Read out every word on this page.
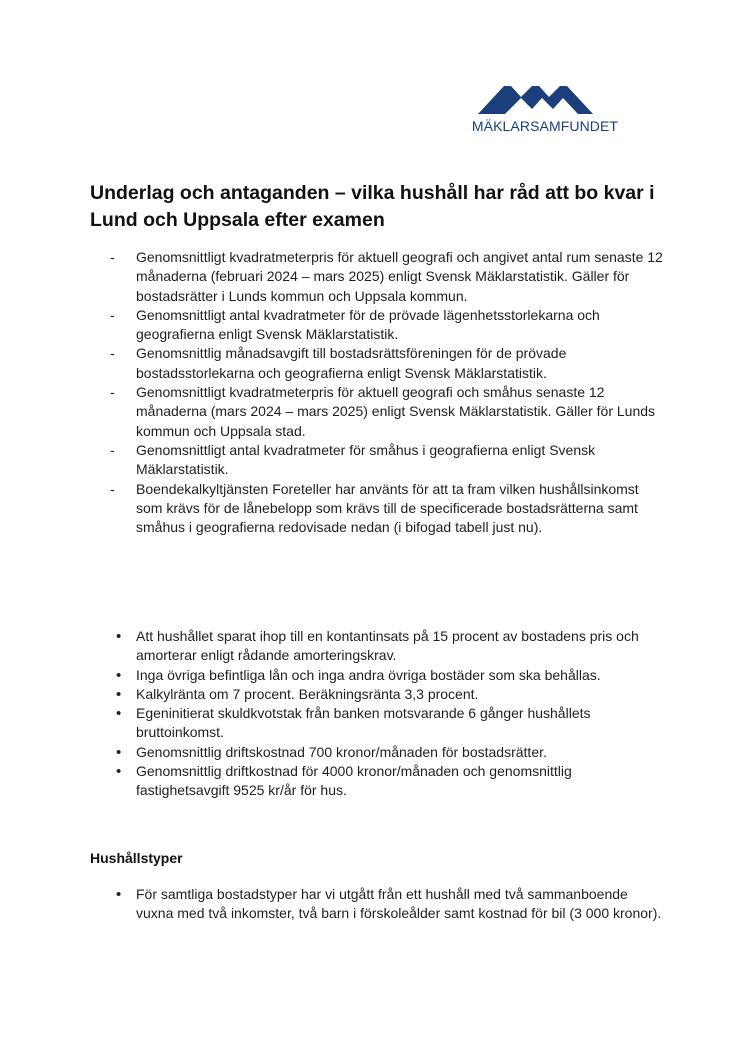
MÄKLARSAMFUNDET
Underlag och antaganden – vilka hushåll har råd att bo kvar i Lund och Uppsala efter examen
- Genomsnittligt kvadratmeterpris för aktuell geografi och angivet antal rum senaste 12 månaderna (februari 2024 – mars 2025) enligt Svensk Mäklarstatistik. Gäller för bostadsrätter i Lunds kommun och Uppsala kommun.
- Genomsnittligt antal kvadratmeter för de prövade lägenhetsstorlekarna och geografierna enligt Svensk Mäklarstatistik.
- Genomsnittlig månadsavgift till bostadsrättsföreningen för de prövade bostadsstorlekarna och geografierna enligt Svensk Mäklarstatistik.
- Genomsnittligt kvadratmeterpris för aktuell geografi och småhus senaste 12 månaderna (mars 2024 – mars 2025) enligt Svensk Mäklarstatistik. Gäller för Lunds kommun och Uppsala stad.
- Genomsnittligt antal kvadratmeter för småhus i geografierna enligt Svensk Mäklarstatistik.
- Boendekalkyltjänsten Foreteller har använts för att ta fram vilken hushållsinkomst som krävs för de lånebelopp som krävs till de specificerade bostadsrätterna samt småhus i geografierna redovisade nedan (i bifogad tabell just nu).
• Att hushållet sparat ihop till en kontantinsats på 15 procent av bostadens pris och amorterar enligt rådande amorteringskrav.
• Inga övriga befintliga lån och inga andra övriga bostäder som ska behållas.
• Kalkylränta om 7 procent. Beräkningsränta 3,3 procent.
• Egeninitierat skuldkvotstak från banken motsvarande 6 gånger hushållets bruttoinkomst.
• Genomsnittlig driftskostnad 700 kronor/månaden för bostadsrätter.
• Genomsnittlig driftkostnad för 4000 kronor/månaden och genomsnittlig fastighetsavgift 9525 kr/år för hus.
Hushållstyper
• För samtliga bostadstyper har vi utgått från ett hushåll med två sammanboende vuxna med två inkomster, två barn i förskoleålder samt kostnad för bil (3 000 kronor).
